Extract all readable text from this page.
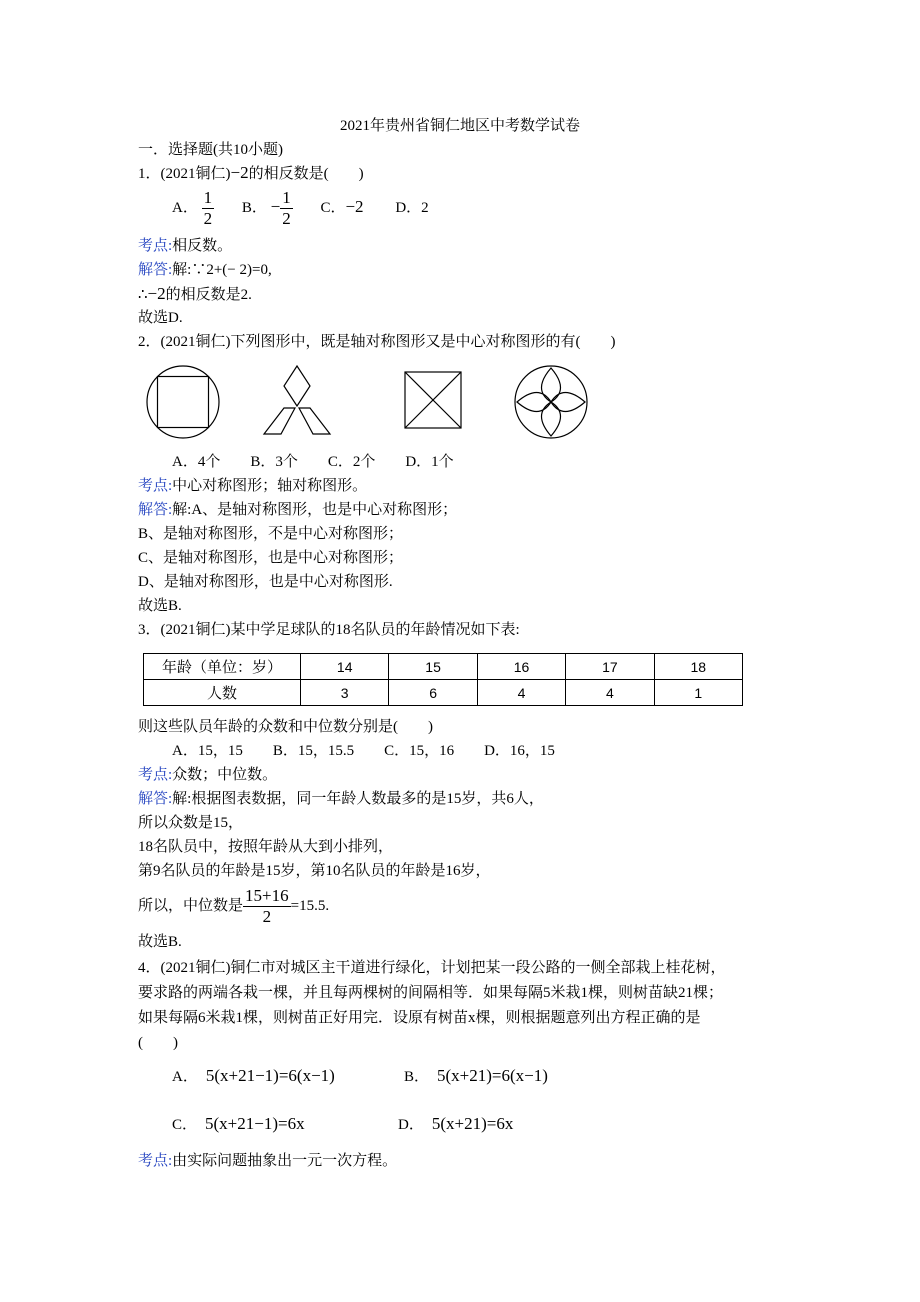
2021年贵州省铜仁地区中考数学试卷
一．选择题(共10小题)
1．(2021铜仁)−2的相反数是(　　)
A． $\frac{1}{2}$ B． − $\frac{1}{2}$ C．−2 D．2
考点:相反数。
解答:解:∵2+(− 2)=0,
∴−2的相反数是2.
故选D.
2．(2021铜仁)下列图形中，既是轴对称图形又是中心对称图形的有(　　)
A．4个　　B．3个　　C．2个　　D．1个
考点:中心对称图形；轴对称图形。
解答:解:A、是轴对称图形，也是中心对称图形；
B、是轴对称图形，不是中心对称图形；
C、是轴对称图形，也是中心对称图形；
D、是轴对称图形，也是中心对称图形.
故选B.
3．(2021铜仁)某中学足球队的18名队员的年龄情况如下表:
年龄（单位：岁）	14	15	16	17	18
人数	3	6	4	4	1
则这些队员年龄的众数和中位数分别是(　　)
A．15，15　　B．15，15.5　　C．15，16　　D．16，15
考点:众数；中位数。
解答:解:根据图表数据，同一年龄人数最多的是15岁，共6人，
所以众数是15，
18名队员中，按照年龄从大到小排列，
第9名队员的年龄是15岁，第10名队员的年龄是16岁，
所以，中位数是 $\frac{15+16}{2} =15.5$.
故选B.
4．(2021铜仁)铜仁市对城区主干道进行绿化，计划把某一段公路的一侧全部栽上桂花树，
要求路的两端各栽一棵，并且每两棵树的间隔相等．如果每隔5米栽1棵，则树苗缺21棵；
如果每隔6米栽1棵，则树苗正好用完．设原有树苗x棵，则根据题意列出方程正确的是
(　　)
A． 5(x+21−1)=6(x−1)	B． 5(x+21)=6(x−1)
C． 5(x+21−1)=6x	D． 5(x+21)=6x
考点:由实际问题抽象出一元一次方程。
